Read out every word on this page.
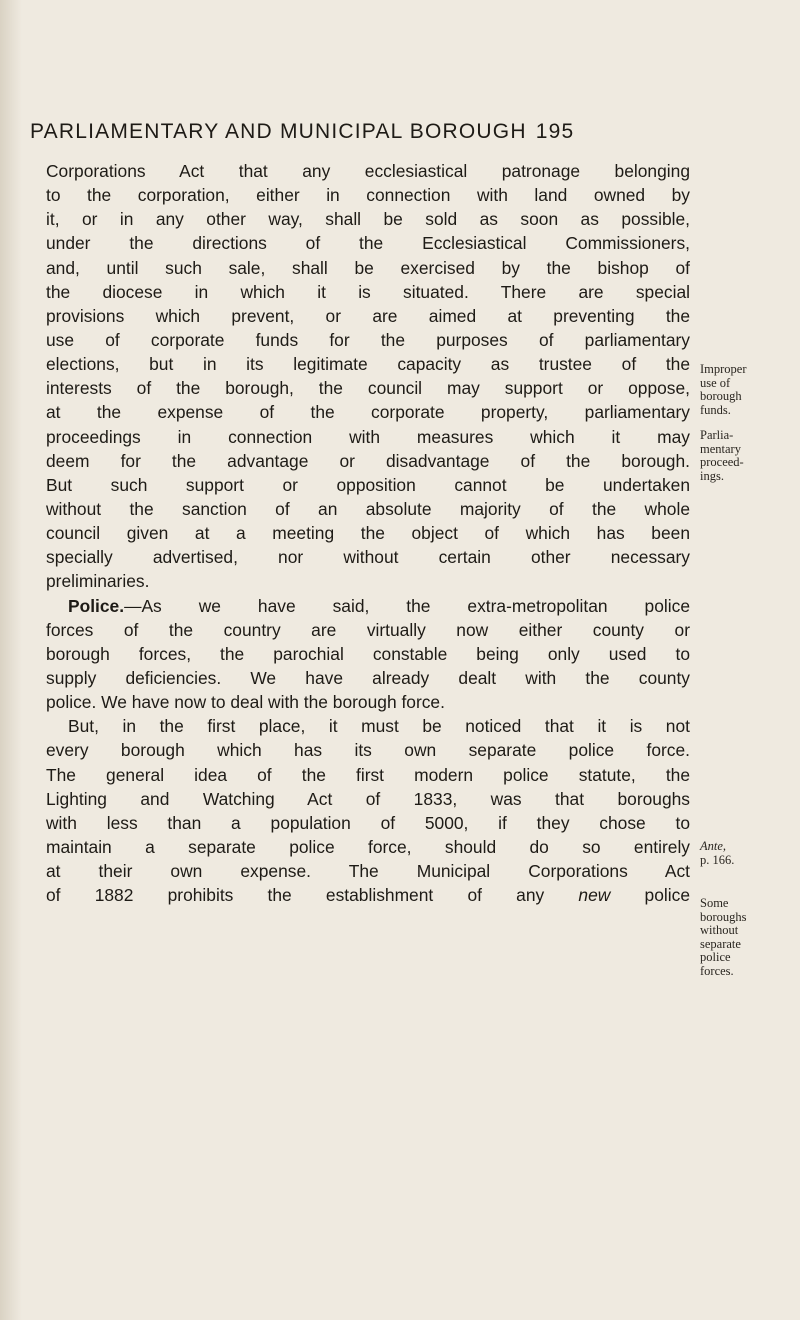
PARLIAMENTARY AND MUNICIPAL BOROUGH 195
Corporations Act that any ecclesiastical patronage belonging
to the corporation, either in connection with land owned by
it, or in any other way, shall be sold as soon as possible,
under the directions of the Ecclesiastical Commissioners,
and, until such sale, shall be exercised by the bishop of
the diocese in which it is situated. There are special
provisions which prevent, or are aimed at preventing the
use of corporate funds for the purposes of parliamentary
elections, but in its legitimate capacity as trustee of the
interests of the borough, the council may support or oppose,
at the expense of the corporate property, parliamentary
proceedings in connection with measures which it may
deem for the advantage or disadvantage of the borough.
But such support or opposition cannot be undertaken
without the sanction of an absolute majority of the whole
council given at a meeting the object of which has been
specially advertised, nor without certain other necessary
preliminaries.
Police.—As we have said, the extra-metropolitan police
forces of the country are virtually now either county or
borough forces, the parochial constable being only used to
supply deficiencies. We have already dealt with the county
police. We have now to deal with the borough force.
But, in the first place, it must be noticed that it is not
every borough which has its own separate police force.
The general idea of the first modern police statute, the
Lighting and Watching Act of 1833, was that boroughs
with less than a population of 5000, if they chose to
maintain a separate police force, should do so entirely
at their own expense. The Municipal Corporations Act
of 1882 prohibits the establishment of any new police
Improper
use of
borough
funds.
Parlia-
mentary
proceed-
ings.
Ante,
p. 166.
Some
boroughs
without
separate
police
forces.
